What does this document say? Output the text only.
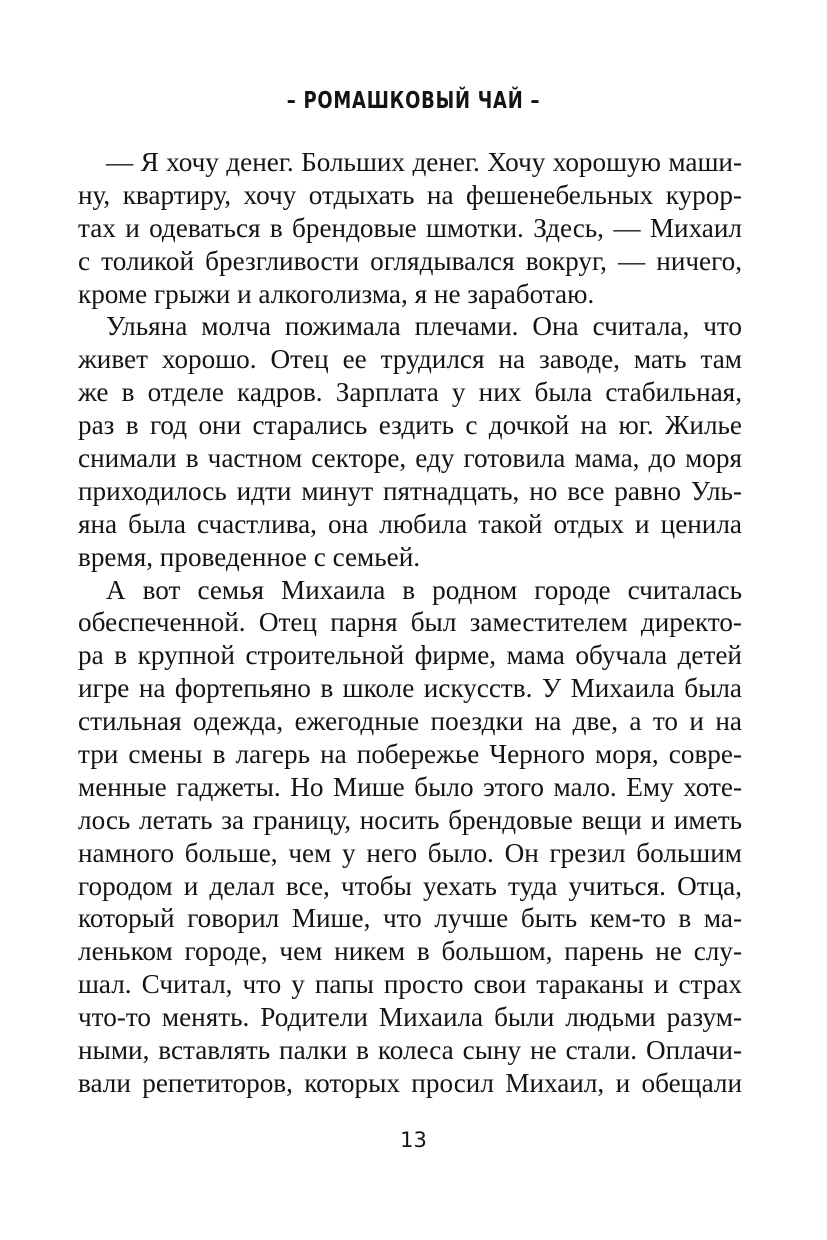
– РОМАШКОВЫЙ ЧАЙ –
— Я хочу денег. Больших денег. Хочу хорошую маши-
ну, квартиру, хочу отдыхать на фешенебельных курор-
тах и одеваться в брендовые шмотки. Здесь, — Михаил
с толикой брезгливости оглядывался вокруг, — ничего,
кроме грыжи и алкоголизма, я не заработаю.
Ульяна молча пожимала плечами. Она считала, что
живет хорошо. Отец ее трудился на заводе, мать там
же в отделе кадров. Зарплата у них была стабильная,
раз в год они старались ездить с дочкой на юг. Жилье
снимали в частном секторе, еду готовила мама, до моря
приходилось идти минут пятнадцать, но все равно Уль-
яна была счастлива, она любила такой отдых и ценила
время, проведенное с семьей.
А вот семья Михаила в родном городе считалась
обеспеченной. Отец парня был заместителем директо-
ра в крупной строительной фирме, мама обучала детей
игре на фортепьяно в школе искусств. У Михаила была
стильная одежда, ежегодные поездки на две, а то и на
три смены в лагерь на побережье Черного моря, совре-
менные гаджеты. Но Мише было этого мало. Ему хоте-
лось летать за границу, носить брендовые вещи и иметь
намного больше, чем у него было. Он грезил большим
городом и делал все, чтобы уехать туда учиться. Отца,
который говорил Мише, что лучше быть кем-то в ма-
леньком городе, чем никем в большом, парень не слу-
шал. Считал, что у папы просто свои тараканы и страх
что-то менять. Родители Михаила были людьми разум-
ными, вставлять палки в колеса сыну не стали. Оплачи-
вали репетиторов, которых просил Михаил, и обещали
13
